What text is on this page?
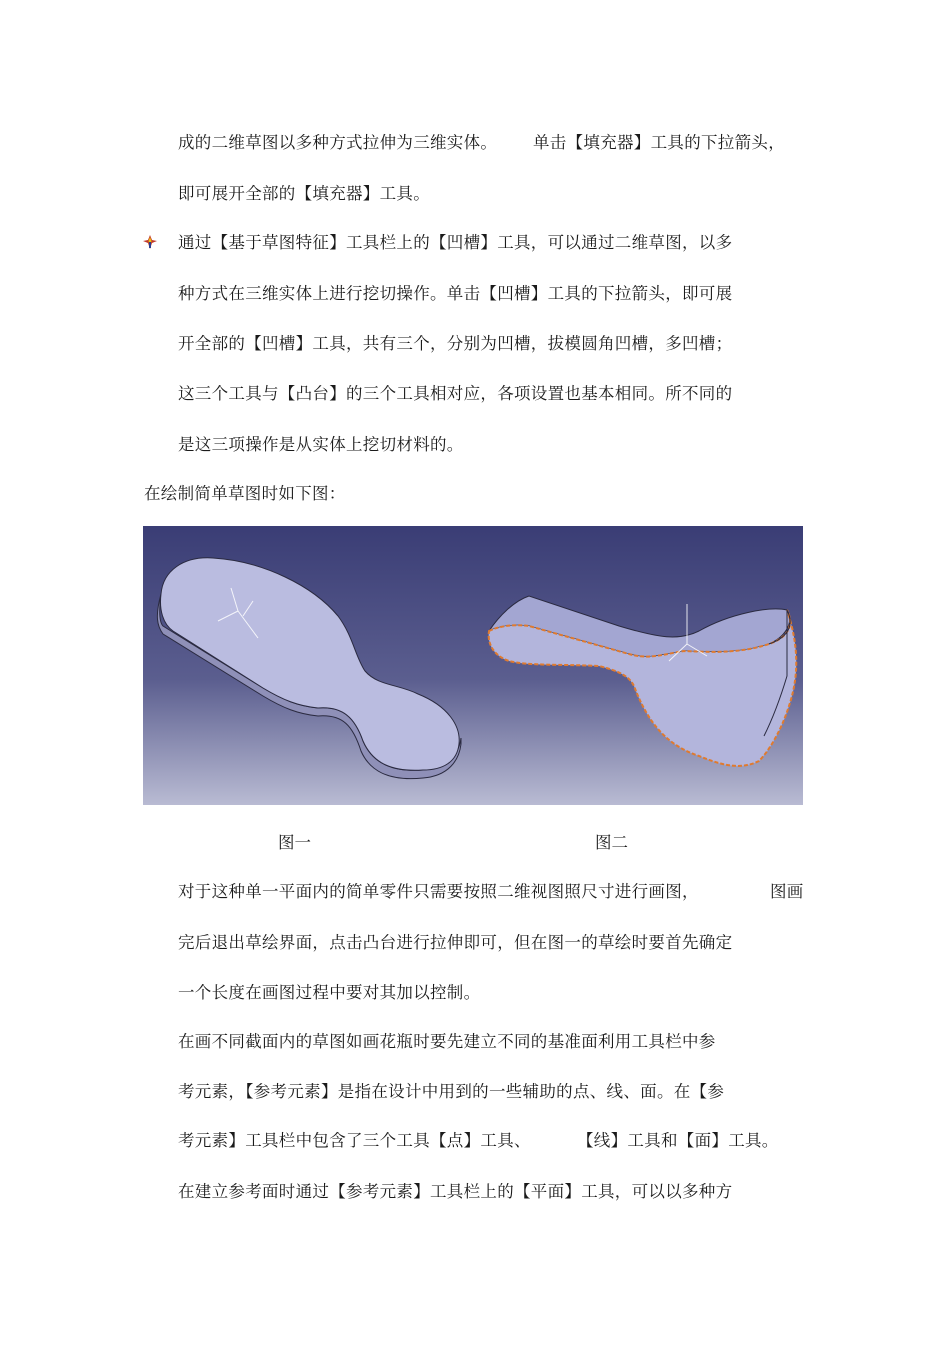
成的二维草图以多种方式拉伸为三维实体。 单击【填充器】工具的下拉箭头，
即可展开全部的【填充器】工具。
通过【基于草图特征】工具栏上的【凹槽】工具，可以通过二维草图，以多
种方式在三维实体上进行挖切操作。单击【凹槽】工具的下拉箭头，即可展
开全部的【凹槽】工具，共有三个，分别为凹槽，拔模圆角凹槽，多凹槽；
这三个工具与【凸台】的三个工具相对应，各项设置也基本相同。所不同的
是这三项操作是从实体上挖切材料的。
在绘制简单草图时如下图：
图一	图二
对于这种单一平面内的简单零件只需要按照二维视图照尺寸进行画图，	图画
完后退出草绘界面，点击凸台进行拉伸即可，但在图一的草绘时要首先确定
一个长度在画图过程中要对其加以控制。
在画不同截面内的草图如画花瓶时要先建立不同的基准面利用工具栏中参
考元素，【参考元素】是指在设计中用到的一些辅助的点、线、面。在【参
考元素】工具栏中包含了三个工具【点】工具、	【线】工具和【面】工具。
在建立参考面时通过【参考元素】工具栏上的【平面】工具，可以以多种方
